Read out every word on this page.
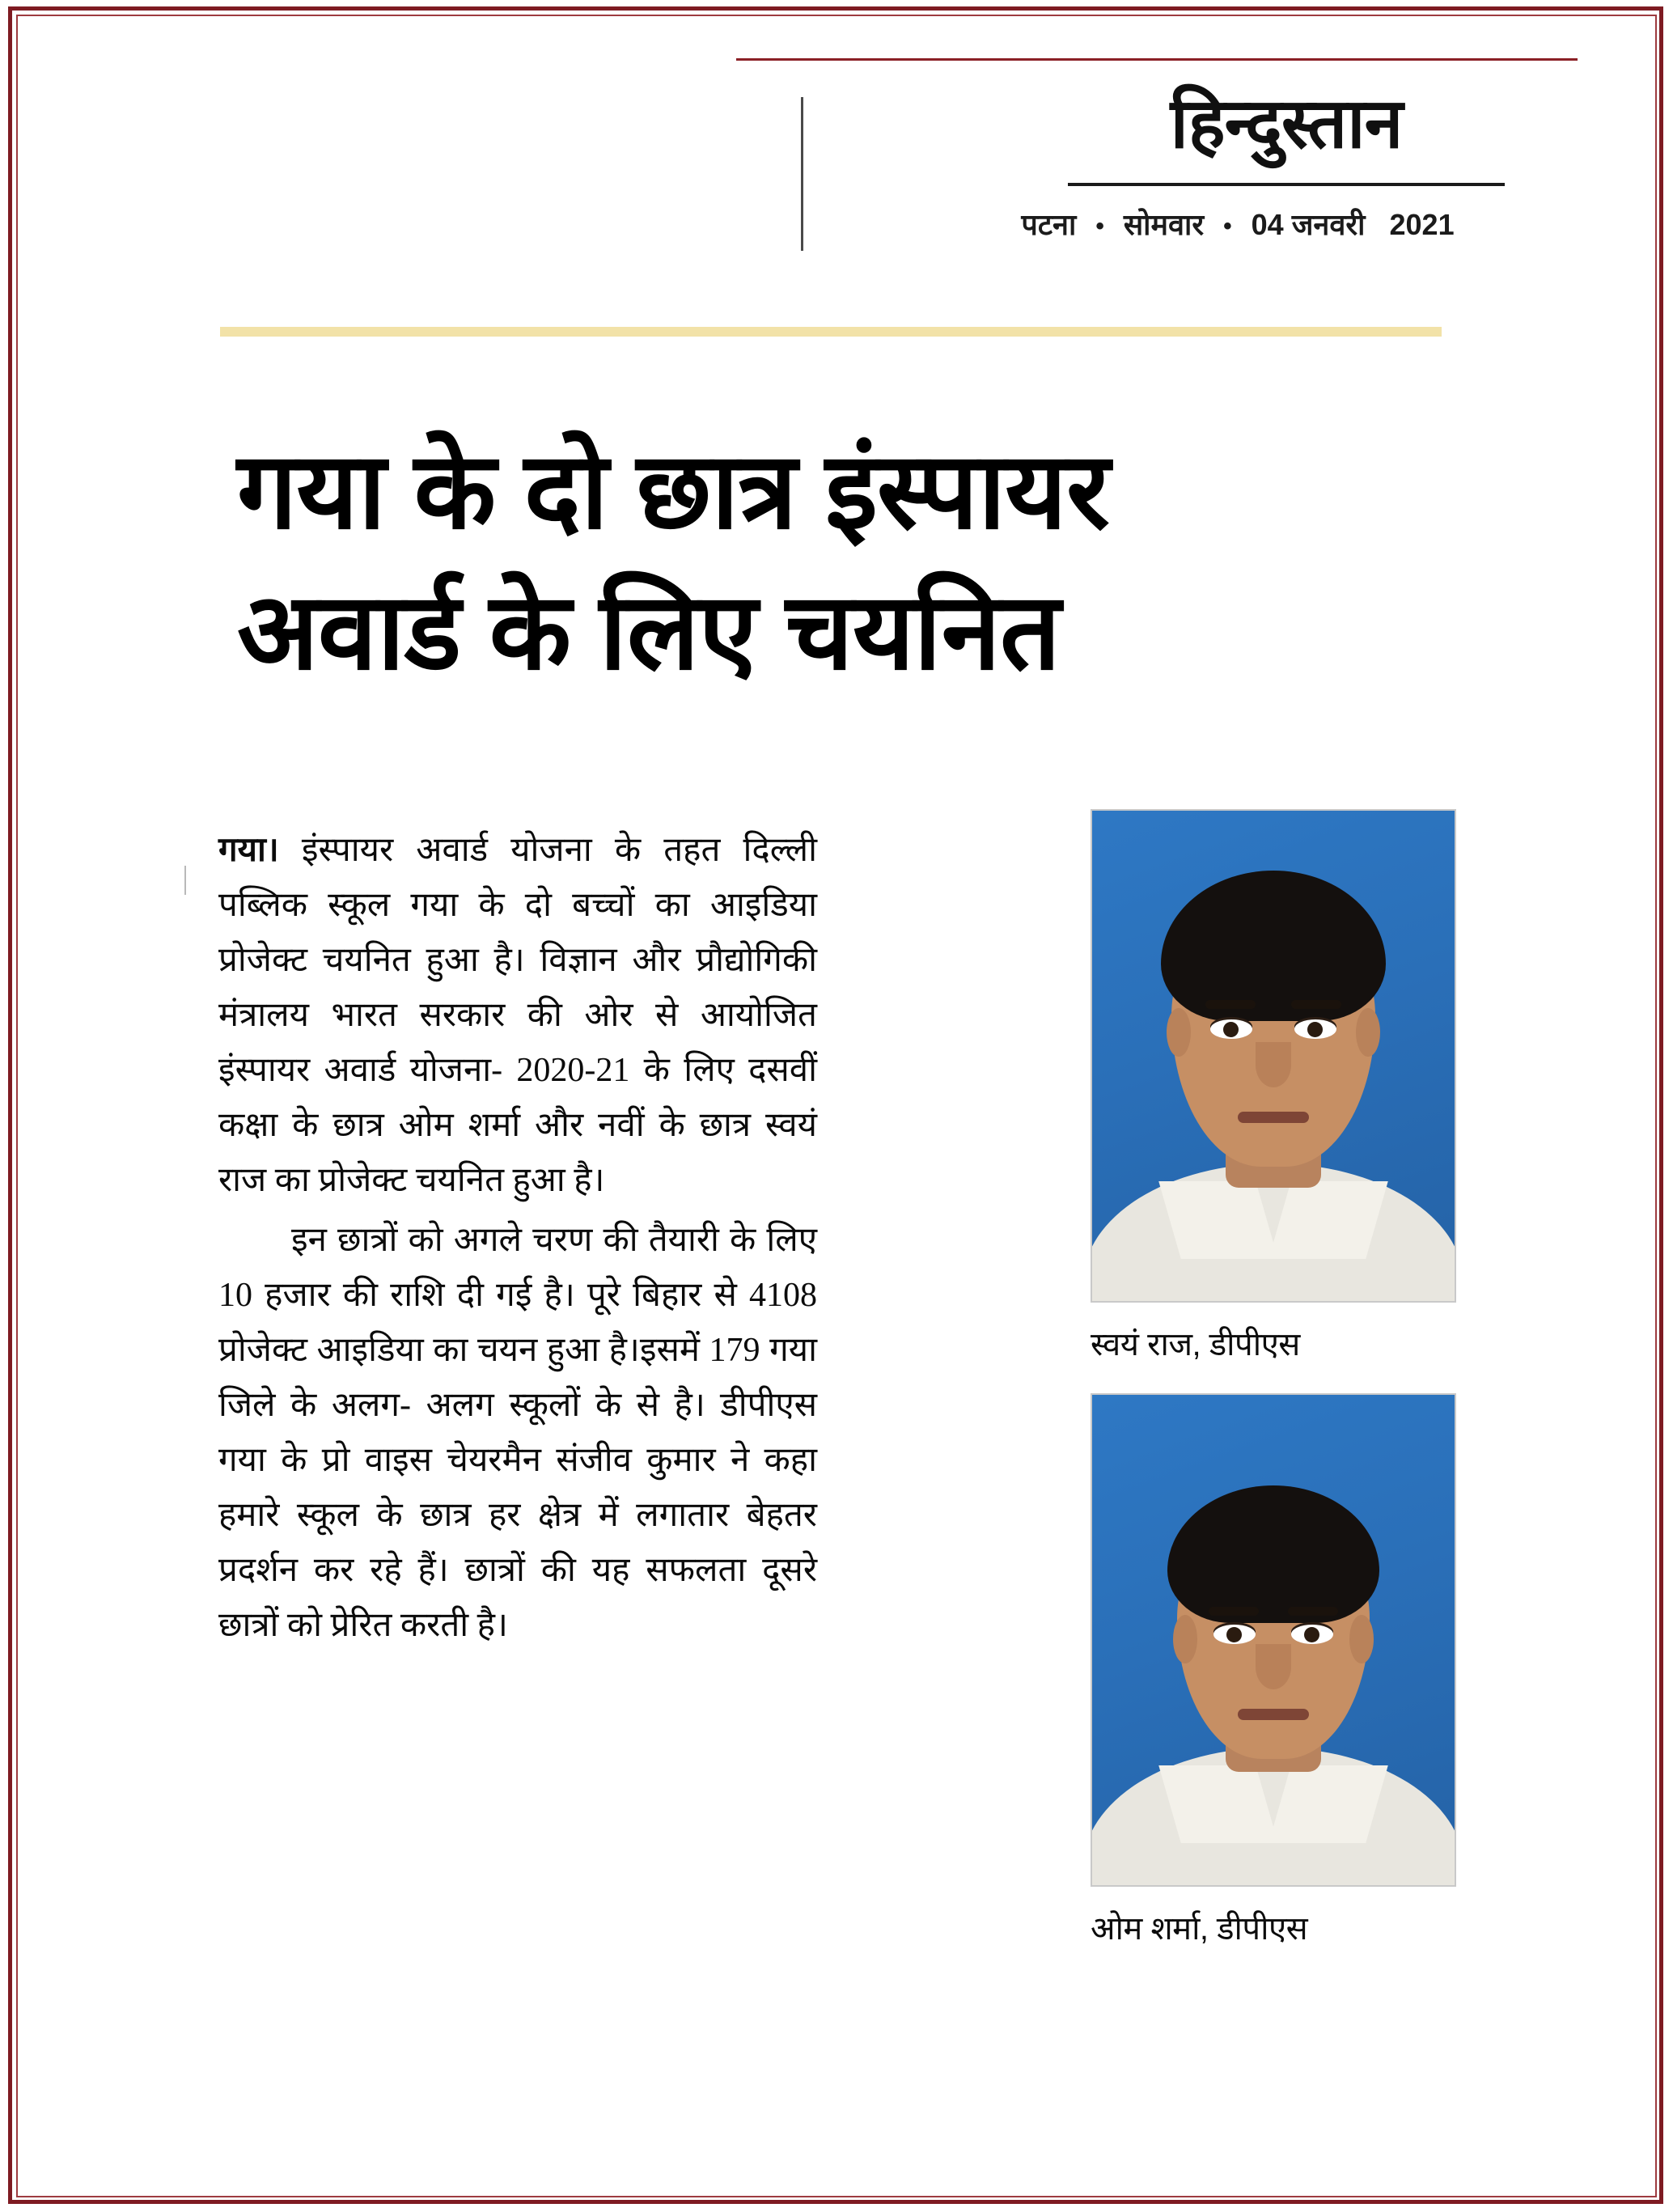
हिन्दुस्तान
पटना • सोमवार • 04 जनवरी 2021
गया के दो छात्र इंस्पायर
अवार्ड के लिए चयनित

गया। इंस्पायर अवार्ड योजना के तहत दिल्ली पब्लिक स्कूल गया के दो बच्चों का आइडिया प्रोजेक्ट चयनित हुआ है। विज्ञान और प्रौद्योगिकी मंत्रालय भारत सरकार की ओर से आयोजित इंस्पायर अवार्ड योजना- 2020-21 के लिए दसवीं कक्षा के छात्र ओम शर्मा और नवीं के छात्र स्वयं राज का प्रोजेक्ट चयनित हुआ है।

इन छात्रों को अगले चरण की तैयारी के लिए 10 हजार की राशि दी गई है। पूरे बिहार से 4108 प्रोजेक्ट आइडिया का चयन हुआ है।इसमें 179 गया जिले के अलग- अलग स्कूलों के से है। डीपीएस गया के प्रो वाइस चेयरमैन संजीव कुमार ने कहा हमारे स्कूल के छात्र हर क्षेत्र में लगातार बेहतर प्रदर्शन कर रहे हैं। छात्रों की यह सफलता दूसरे छात्रों को प्रेरित करती है।

स्वयं राज, डीपीएस
ओम शर्मा, डीपीएस
